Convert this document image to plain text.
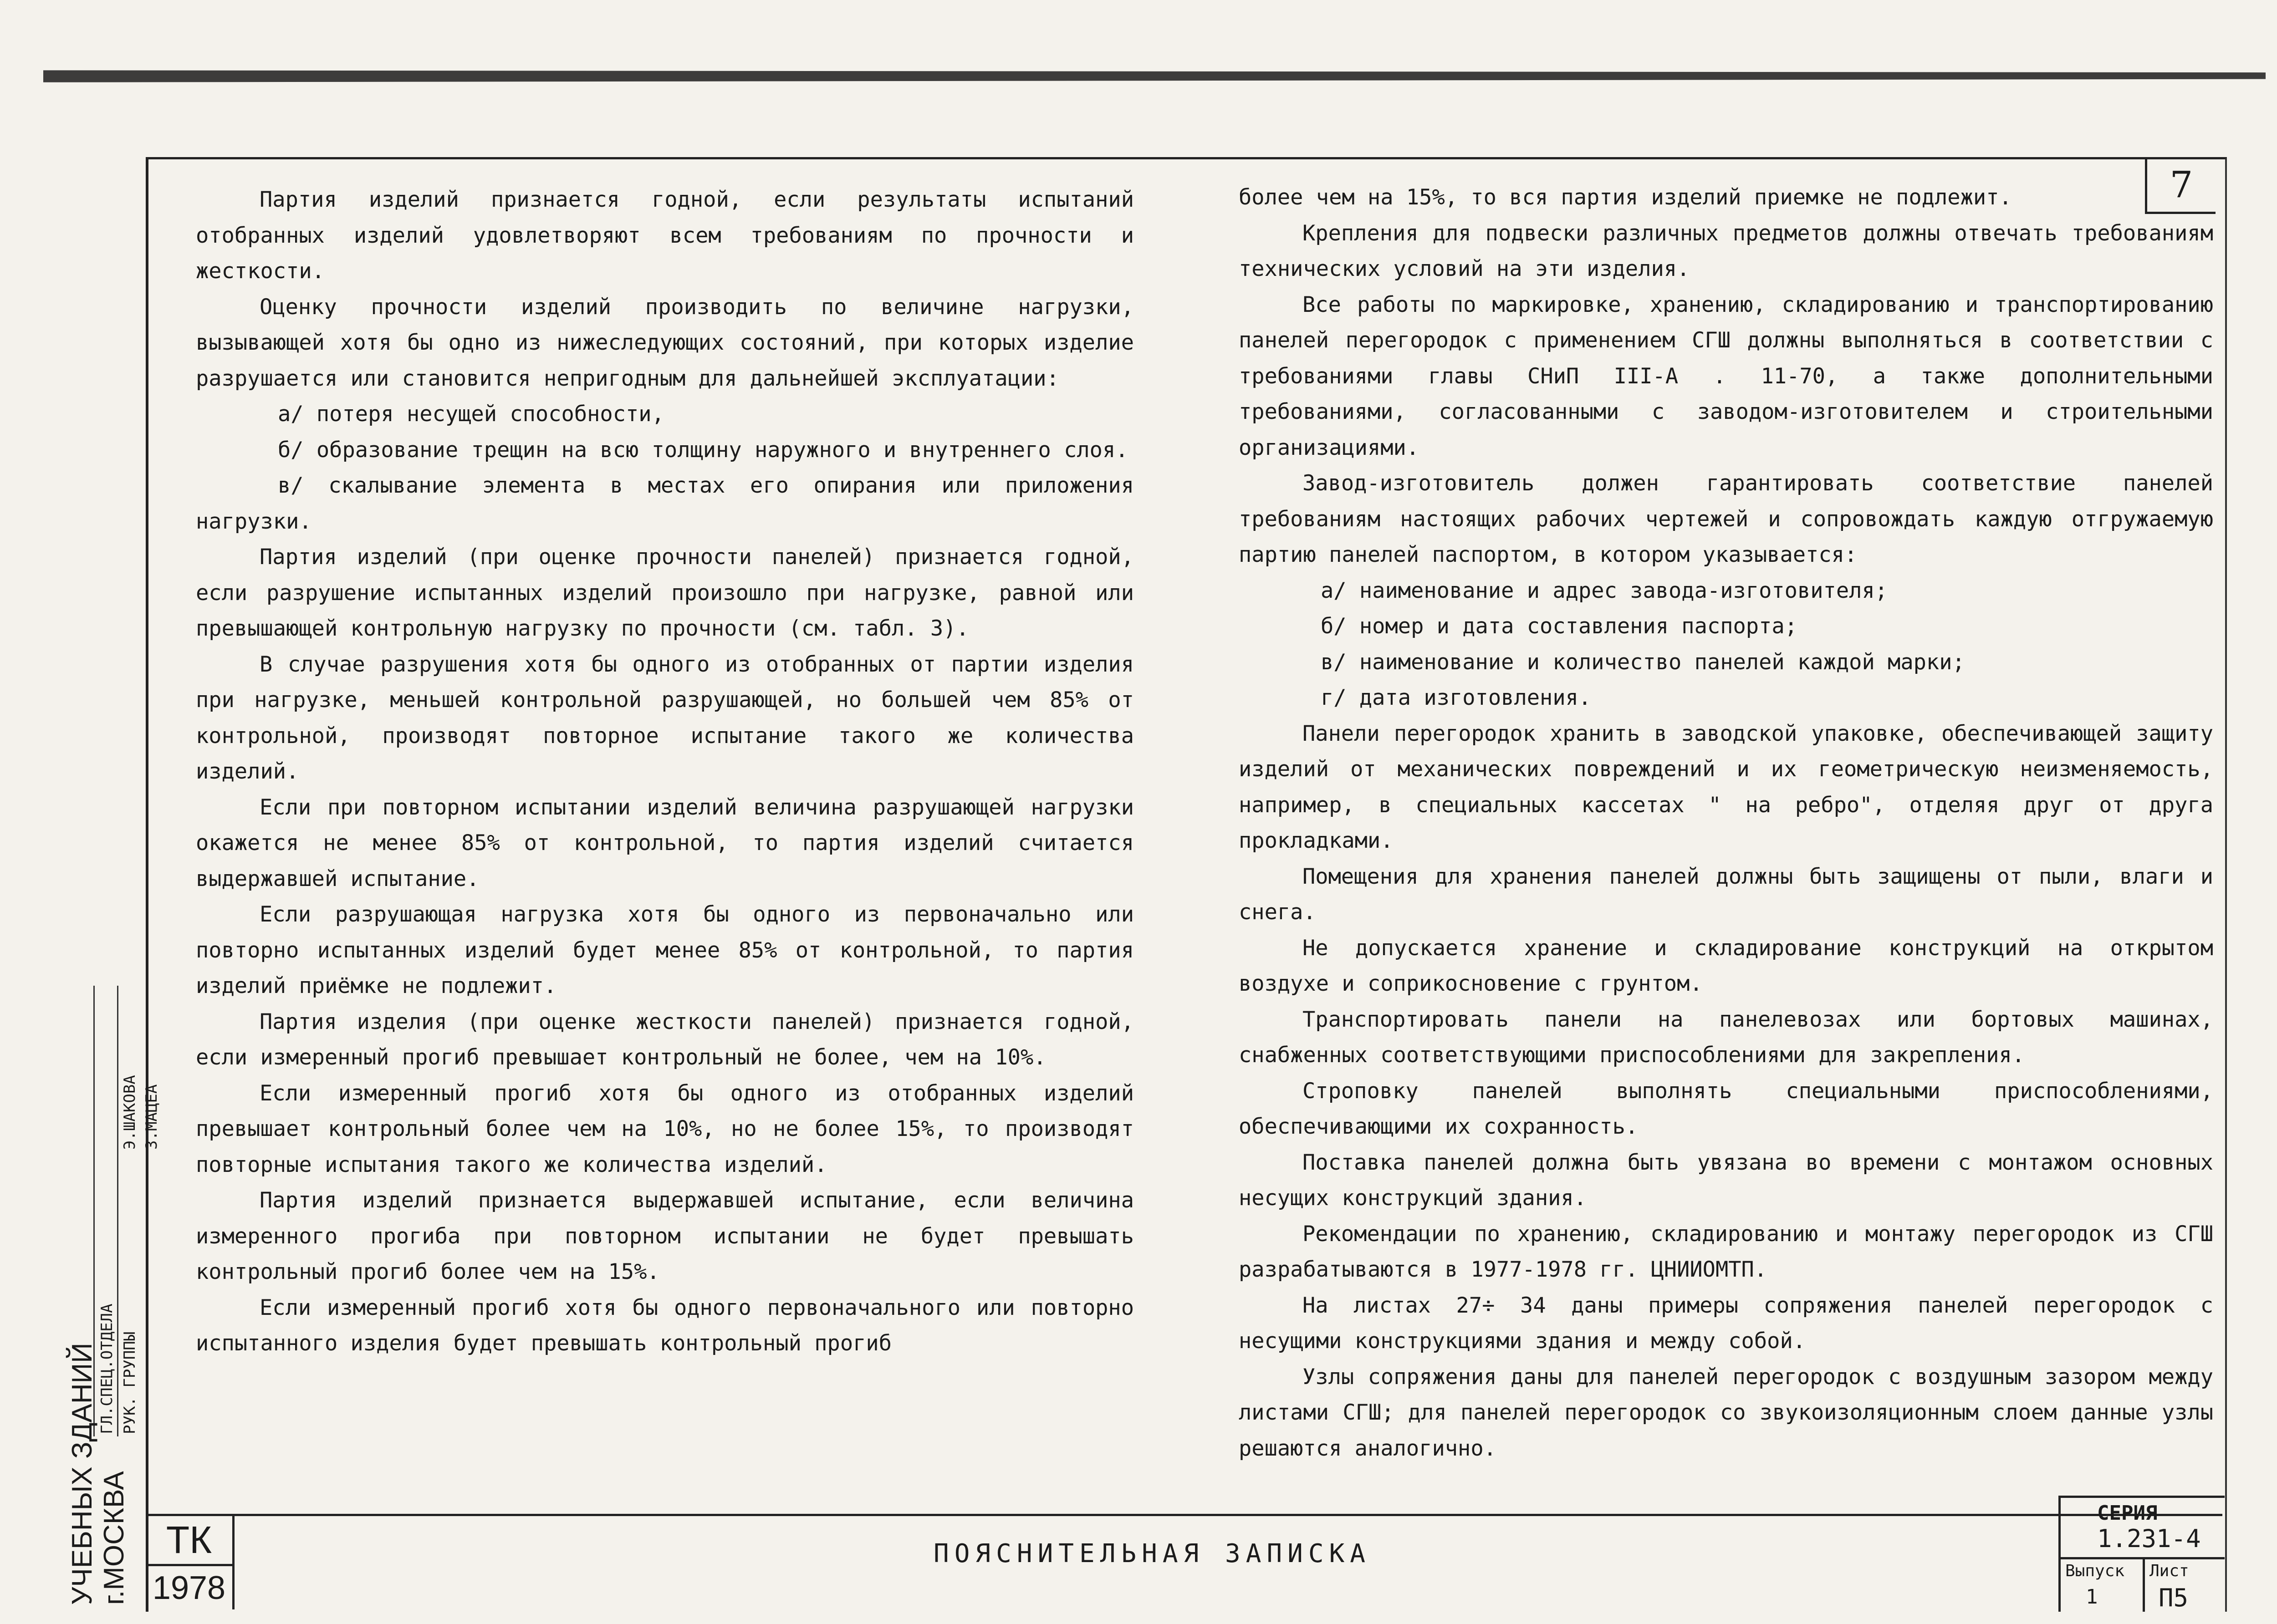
7

Партия изделий признается годной, если результаты испытаний отобранных изделий удовлетворяют всем требованиям по прочности и жесткости.

Оценку прочности изделий производить по величине нагрузки, вызывающей хотя бы одно из нижеследующих состояний, при которых изделие разрушается или становится непригодным для дальнейшей эксплуатации:

а/ потеря несущей способности,

б/ образование трещин на всю толщину наружного и внутреннего слоя.

в/ скалывание элемента в местах его опирания или приложения нагрузки.

Партия изделий (при оценке прочности панелей) признается годной, если разрушение испытанных изделий произошло при нагрузке, равной или превышающей контрольную нагрузку по прочности (см. табл. 3).

В случае разрушения хотя бы одного из отобранных от партии изделия при нагрузке, меньшей контрольной разрушающей, но большей чем 85% от контрольной, производят повторное испытание такого же количества изделий.

Если при повторном испытании изделий величина разрушающей нагрузки окажется не менее 85% от контрольной, то партия изделий считается выдержавшей испытание.

Если разрушающая нагрузка хотя бы одного из первоначально или повторно испытанных изделий будет менее 85% от контрольной, то партия изделий приёмке не подлежит.

Партия изделия (при оценке жесткости панелей) признается годной, если измеренный прогиб превышает контрольный не более, чем на 10%.

Если измеренный прогиб хотя бы одного из отобранных изделий превышает контрольный более чем на 10%, но не более 15%, то производят повторные испытания такого же количества изделий.

Партия изделий признается выдержавшей испытание, если величина измеренного прогиба при повторном испытании не будет превышать контрольный прогиб более чем на 15%.

Если измеренный прогиб хотя бы одного первоначального или повторно испытанного изделия будет превышать контрольный прогиб

более чем на 15%, то вся партия изделий приемке не подлежит.

Крепления для подвески различных предметов должны отвечать требованиям технических условий на эти изделия.

Все работы по маркировке, хранению, складированию и транспортированию панелей перегородок с применением СГШ должны выполняться в соответствии с требованиями главы СНиП III-А . 11-70, а также дополнительными требованиями, согласованными с заводом-изготовителем и строительными организациями.

Завод-изготовитель должен гарантировать соответствие панелей требованиям настоящих рабочих чертежей и сопровождать каждую отгружаемую партию панелей паспортом, в котором указывается:

а/ наименование и адрес завода-изготовителя;

б/ номер и дата составления паспорта;

в/ наименование и количество панелей каждой марки;

г/ дата изготовления.

Панели перегородок хранить в заводской упаковке, обеспечивающей защиту изделий от механических повреждений и их геометрическую неизменяемость, например, в специальных кассетах " на ребро", отделяя друг от друга прокладками.

Помещения для хранения панелей должны быть защищены от пыли, влаги и снега.

Не допускается хранение и складирование конструкций на открытом воздухе и соприкосновение с грунтом.

Транспортировать панели на панелевозах или бортовых машинах, снабженных соответствующими приспособлениями для закрепления.

Строповку панелей выполнять специальными приспособлениями, обеспечивающими их сохранность.

Поставка панелей должна быть увязана во времени с монтажом основных несущих конструкций здания.

Рекомендации по хранению, складированию и монтажу перегородок из СГШ разрабатываются в 1977-1978 гг. ЦНИИОМТП.

На листах 27÷ 34 даны примеры сопряжения панелей перегородок с несущими конструкциями здания и между собой.

Узлы сопряжения даны для панелей перегородок с воздушным зазором между листами СГШ; для панелей перегородок со звукоизоляционным слоем данные узлы решаются аналогично.

ГЛ.СПЕЦ.ОТДЕЛА РУК. ГРУППЫ
Э.ШАКОВА З.МАЦЕА
УЧЕБНЫХ ЗДАНИЙ г.МОСКВА ТК
1978
ПОЯСНИТЕЛЬНАЯ ЗАПИСКА
СЕРИЯ
1.231-4
Выпуск Лист
1 П5
